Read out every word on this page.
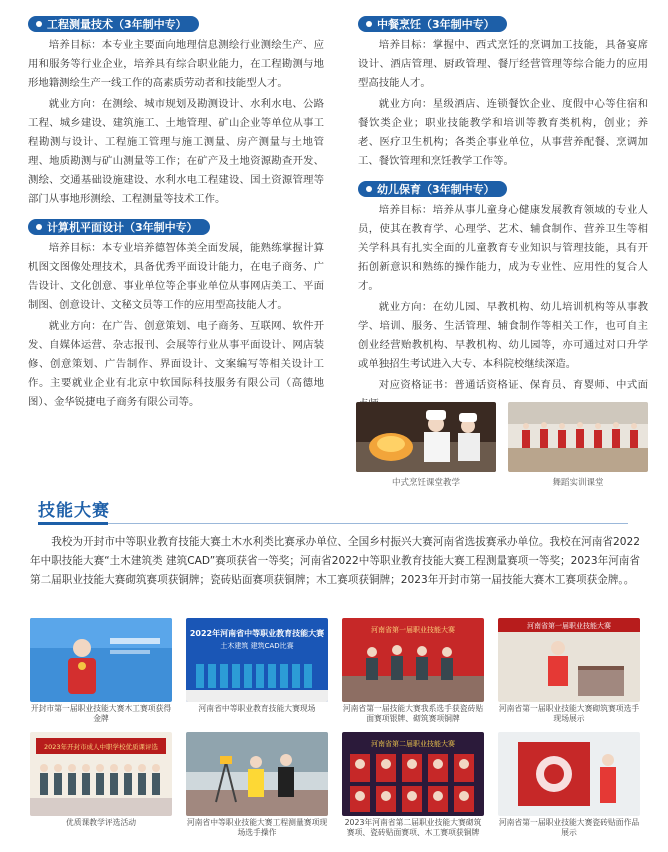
工程测量技术（3年制中专）

培养目标：本专业主要面向地理信息测绘行业测绘生产、应用和服务等行业企业，培养具有综合职业能力，在工程勘测与地形地籍测绘生产一线工作的高素质劳动者和技能型人才。

就业方向：在测绘、城市规划及勘测设计、水利水电、公路工程、城乡建设、建筑施工、土地管理、矿山企业等单位从事工程勘测与设计、工程施工管理与施工测量、房产测量与土地管理、地质勘测与矿山测量等工作；在矿产及土地资源勘查开发、测绘、交通基础设施建设、水利水电工程建设、国土资源管理等部门从事地形测绘、工程测量等技术工作。

计算机平面设计（3年制中专）

培养目标：本专业培养德智体美全面发展，能熟练掌握计算机图文图像处理技术，具备优秀平面设计能力，在电子商务、广告设计、文化创意、事业单位等企事业单位从事网店美工、平面制图、创意设计、文秘文员等工作的应用型高技能人才。

就业方向：在广告、创意策划、电子商务、互联网、软件开发、自媒体运营、杂志报刊、会展等行业从事平面设计、网店装修、创意策划、广告制作、界面设计、文案编写等相关设计工作。主要就业企业有北京中软国际科技服务有限公司（高德地图）、金华锐捷电子商务有限公司等。

中餐烹饪（3年制中专）

培养目标：掌握中、西式烹饪的烹调加工技能，具备宴席设计、酒店管理、厨政管理、餐厅经营管理等综合能力的应用型高技能人才。

就业方向：星级酒店、连锁餐饮企业、度假中心等住宿和餐饮类企业；职业技能教学和培训等教育类机构，创业；养老、医疗卫生机构；各类企事业单位，从事营养配餐、烹调加工、餐饮管理和烹饪教学工作等。

幼儿保育（3年制中专）

培养目标：培养从事儿童身心健康发展教育领域的专业人员，使其在教育学、心理学、艺术、辅食制作、营养卫生等相关学科具有扎实全面的儿童教育专业知识与管理技能，具有开拓创新意识和熟练的操作能力，成为专业性、应用性的复合人才。

就业方向：在幼儿园、早教机构、幼儿培训机构等从事教学、培训、服务、生活管理、辅食制作等相关工作，也可自主创业经营贻教机构、早教机构、幼儿园等，亦可通过对口升学或单独招生考试进入大专、本科院校继续深造。

对应资格证书：普通话资格证、保育员、育婴师、中式面

中式烹饪课堂教学	舞蹈实训课堂
技能大赛
我校为开封市中等职业教育技能大赛土木水利类比赛承办单位、全国乡村振兴大赛河南省选拔赛承办单位。我校在河南省2022年中职技能大赛“土木建筑类 建筑CAD”赛项获省一等奖；河南省2022中等职业教育技能大赛工程测量赛项一等奖；2023年河南省第二届职业技能大赛砌筑赛项获铜牌；瓷砖贴面赛项获铜牌；木工赛项获铜牌；2023年开封市第一届技能大赛木工赛项获金牌。。
开封市第一届职业技能大赛木工赛项获得金牌
2022年河南省中等职业教育技能大赛
土木建筑 建筑CAD比赛
河南省中等职业教育技能大赛现场
河南省第一届职业技能大赛
河南省第一届技能大赛我系选手获瓷砖贴面赛项银牌、砌筑赛项铜牌
河南省第一届职业技能大赛
河南省第一届职业技能大赛砌筑赛项选手现场展示
2023年开封市成人中职学校优质课评选
优质课教学评选活动	河南省中等职业技能大赛工程测量赛项现场选手操作
河南省第二届职业技能大赛
2023年河南省第二届职业技能大赛砌筑赛项、瓷砖贴面赛项、木工赛项获铜牌
河南省第一届职业技能大赛瓷砖贴面作品展示
